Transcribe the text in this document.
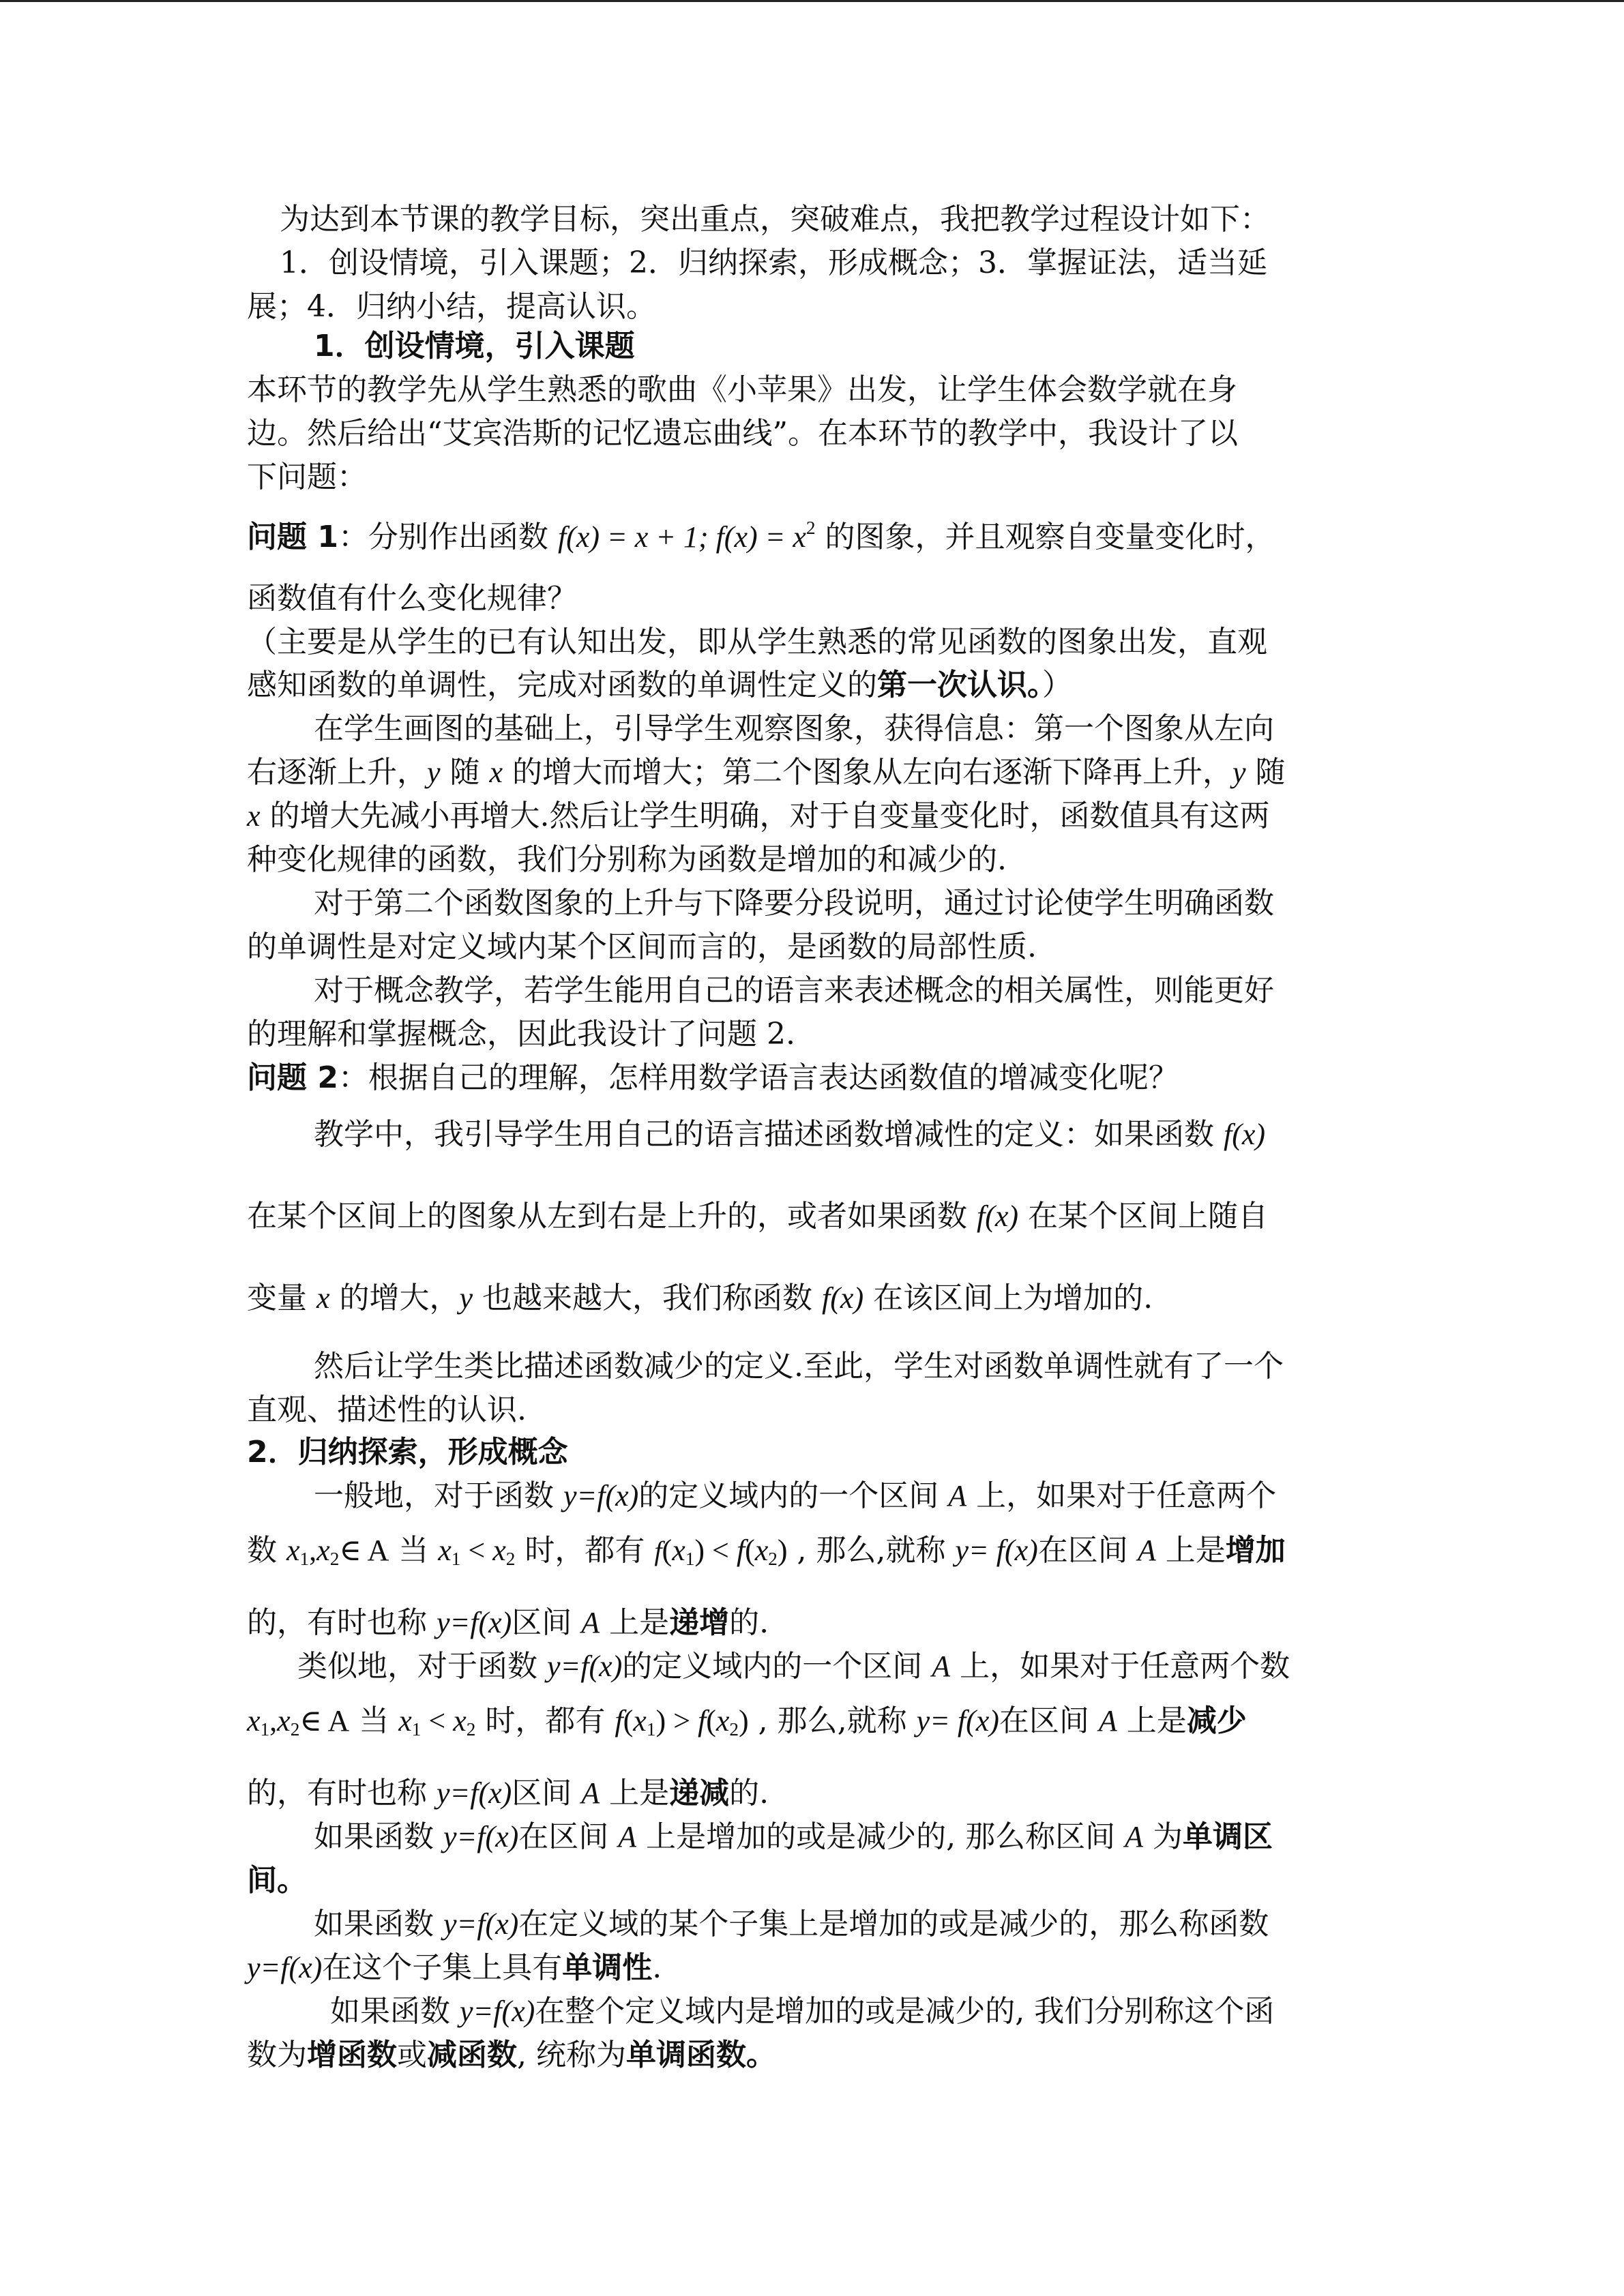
为达到本节课的教学目标，突出重点，突破难点，我把教学过程设计如下：
1．创设情境，引入课题；2．归纳探索，形成概念；3．掌握证法，适当延
展；4．归纳小结，提高认识。
1．创设情境，引入课题
本环节的教学先从学生熟悉的歌曲《小苹果》出发，让学生体会数学就在身
边。然后给出“艾宾浩斯的记忆遗忘曲线”。在本环节的教学中，我设计了以
下问题：
问题 1：分别作出函数 f(x) = x + 1; $f(x) = x^2$ 的图象，并且观察自变量变化时，
函数值有什么变化规律？
（主要是从学生的已有认知出发，即从学生熟悉的常见函数的图象出发，直观
感知函数的单调性，完成对函数的单调性定义的第一次认识。）
在学生画图的基础上，引导学生观察图象，获得信息：第一个图象从左向
右逐渐上升，y 随 x 的增大而增大；第二个图象从左向右逐渐下降再上升，y 随
x 的增大先减小再增大.然后让学生明确，对于自变量变化时，函数值具有这两
种变化规律的函数，我们分别称为函数是增加的和减少的.
对于第二个函数图象的上升与下降要分段说明，通过讨论使学生明确函数
的单调性是对定义域内某个区间而言的，是函数的局部性质.
对于概念教学，若学生能用自己的语言来表述概念的相关属性，则能更好
的理解和掌握概念，因此我设计了问题 2.
问题 2：根据自己的理解，怎样用数学语言表达函数值的增减变化呢？
教学中，我引导学生用自己的语言描述函数增减性的定义：如果函数 f(x)
在某个区间上的图象从左到右是上升的，或者如果函数 f(x) 在某个区间上随自
变量 x 的增大，y 也越来越大，我们称函数 f(x) 在该区间上为增加的.
然后让学生类比描述函数减少的定义.至此，学生对函数单调性就有了一个
直观、描述性的认识.
2．归纳探索，形成概念
一般地，对于函数 y=f(x)的定义域内的一个区间 A 上，如果对于任意两个
数 $x_1,x_2\in$ A 当 $x_1 < x_2$ 时，都有 $f(x_1) < f(x_2)$ , 那么,就称 y= f(x)在区间 A 上是增加
的，有时也称 y=f(x)区间 A 上是递增的.
类似地，对于函数 y=f(x)的定义域内的一个区间 A 上，如果对于任意两个数
$x_1,x_2\in$ A 当 $x_1 < x_2$ 时，都有 $f(x_1) > f(x_2)$ , 那么,就称 y= f(x)在区间 A 上是减少
的，有时也称 y=f(x)区间 A 上是递减的.
如果函数 y=f(x)在区间 A 上是增加的或是减少的, 那么称区间 A 为单调区
间。
如果函数 y=f(x)在定义域的某个子集上是增加的或是减少的，那么称函数
y=f(x)在这个子集上具有单调性.
如果函数 y=f(x)在整个定义域内是增加的或是减少的, 我们分别称这个函
数为增函数或减函数, 统称为单调函数。
